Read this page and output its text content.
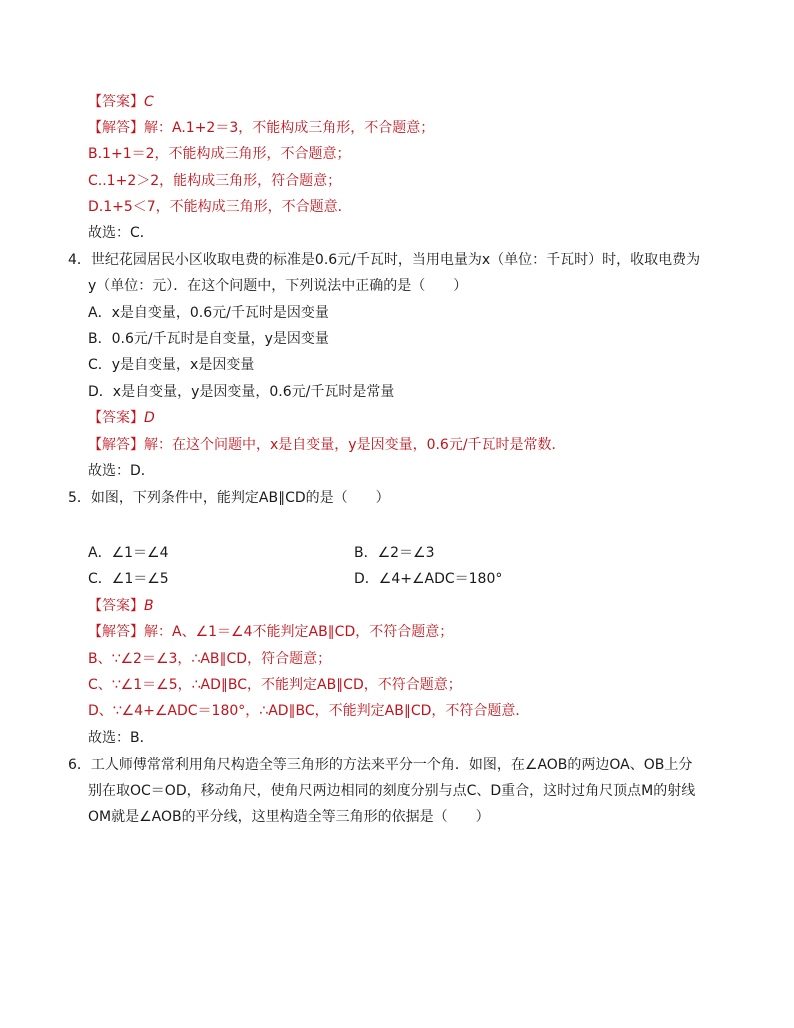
【答案】C
【解答】解：A.1+2＝3，不能构成三角形，不合题意；
B.1+1＝2，不能构成三角形，不合题意；
C..1+2＞2，能构成三角形，符合题意；
D.1+5＜7，不能构成三角形，不合题意．
故选：C．
4．世纪花园居民小区收取电费的标准是0.6元/千瓦时，当用电量为x（单位：千瓦时）时，收取电费为
y（单位：元）．在这个问题中，下列说法中正确的是（　　）
A．x是自变量，0.6元/千瓦时是因变量
B．0.6元/千瓦时是自变量，y是因变量
C．y是自变量，x是因变量
D．x是自变量，y是因变量，0.6元/千瓦时是常量
【答案】D
【解答】解：在这个问题中，x是自变量，y是因变量，0.6元/千瓦时是常数．
故选：D．
5．如图，下列条件中，能判定AB∥CD的是（　　）
A．∠1＝∠4	B．∠2＝∠3
C．∠1＝∠5	D．∠4+∠ADC＝180°
【答案】B
【解答】解：A、∠1＝∠4不能判定AB∥CD，不符合题意；
B、∵∠2＝∠3，∴AB∥CD，符合题意；
C、∵∠1＝∠5，∴AD∥BC，不能判定AB∥CD，不符合题意；
D、∵∠4+∠ADC＝180°，∴AD∥BC，不能判定AB∥CD，不符合题意．
故选：B．
6．工人师傅常常利用角尺构造全等三角形的方法来平分一个角．如图，在∠AOB的两边OA、OB上分
别在取OC＝OD，移动角尺，使角尺两边相同的刻度分别与点C、D重合，这时过角尺顶点M的射线
OM就是∠AOB的平分线，这里构造全等三角形的依据是（　　）
